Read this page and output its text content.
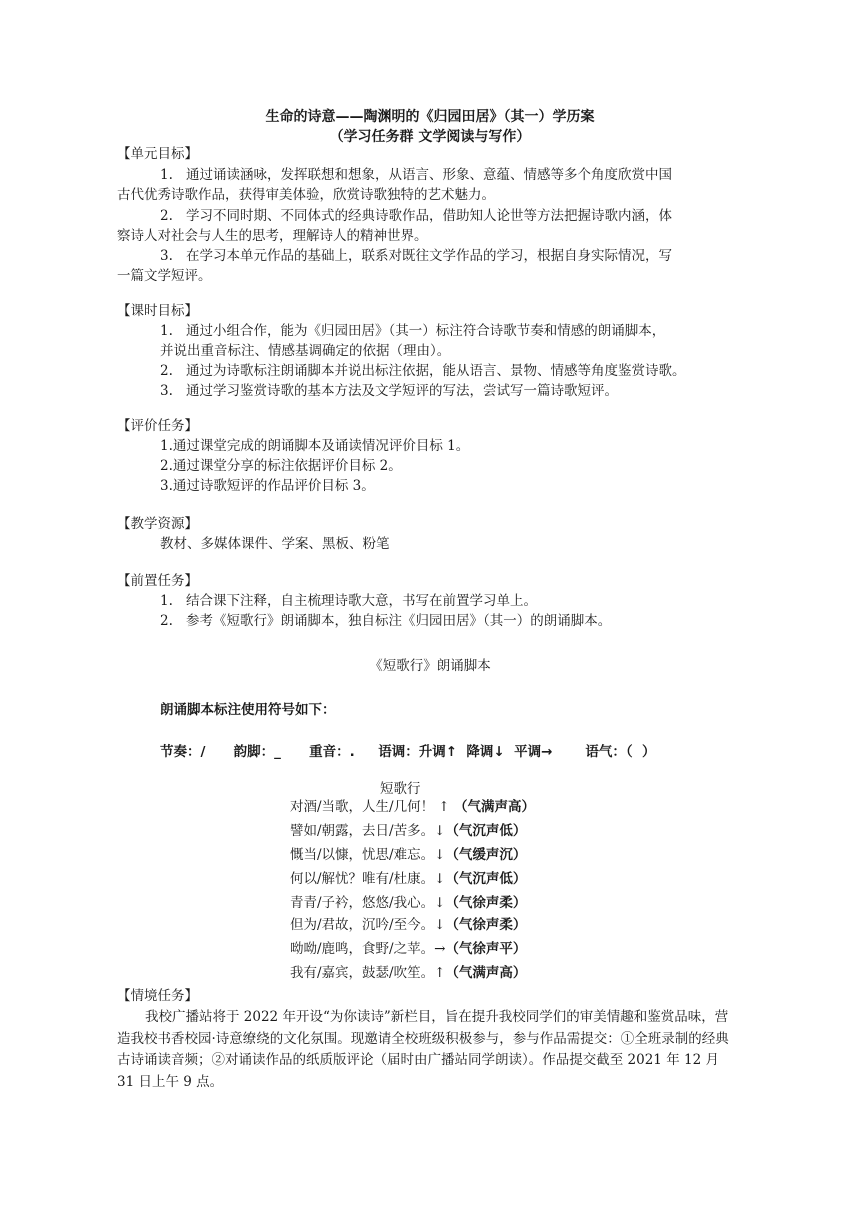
生命的诗意——陶渊明的《归园田居》（其一）学历案
（学习任务群 文学阅读与写作）
【单元目标】
1. 通过诵读涵咏，发挥联想和想象，从语言、形象、意蕴、情感等多个角度欣赏中国
古代优秀诗歌作品，获得审美体验，欣赏诗歌独特的艺术魅力。
2. 学习不同时期、不同体式的经典诗歌作品，借助知人论世等方法把握诗歌内涵，体
察诗人对社会与人生的思考，理解诗人的精神世界。
3. 在学习本单元作品的基础上，联系对既往文学作品的学习，根据自身实际情况，写
一篇文学短评。
【课时目标】
1. 通过小组合作，能为《归园田居》（其一）标注符合诗歌节奏和情感的朗诵脚本，
并说出重音标注、情感基调确定的依据（理由）。
2. 通过为诗歌标注朗诵脚本并说出标注依据，能从语言、景物、情感等角度鉴赏诗歌。
3. 通过学习鉴赏诗歌的基本方法及文学短评的写法，尝试写一篇诗歌短评。
【评价任务】
1.通过课堂完成的朗诵脚本及诵读情况评价目标 1。
2.通过课堂分享的标注依据评价目标 2。
3.通过诗歌短评的作品评价目标 3。
【教学资源】
教材、多媒体课件、学案、黑板、粉笔
【前置任务】
1. 结合课下注释，自主梳理诗歌大意，书写在前置学习单上。
2. 参考《短歌行》朗诵脚本，独自标注《归园田居》（其一）的朗诵脚本。
《短歌行》朗诵脚本
朗诵脚本标注使用符号如下：
节奏：/      韵脚：_      重音：.     语调：升调↑  降调↓  平调→       语气：（  ）
短歌行
对酒/当歌，人生/几何！ ↑ （气满声高）
譬如/朝露，去日/苦多。↓（气沉声低）
慨当/以慷，忧思/难忘。↓（气缓声沉）
何以/解忧？唯有/杜康。↓（气沉声低）
青青/子衿，悠悠/我心。↓（气徐声柔）
但为/君故，沉吟/至今。↓（气徐声柔）
呦呦/鹿鸣，食野/之苹。→（气徐声平）
我有/嘉宾，鼓瑟/吹笙。↑（气满声高）
【情境任务】
我校广播站将于 2022 年开设“为你读诗”新栏目，旨在提升我校同学们的审美情趣和鉴赏品味，营造我校书香校园·诗意缭绕的文化氛围。现邀请全校班级积极参与，参与作品需提交：①全班录制的经典古诗诵读音频；②对诵读作品的纸质版评论（届时由广播站同学朗读）。作品提交截至 2021 年 12 月 31 日上午 9 点。
